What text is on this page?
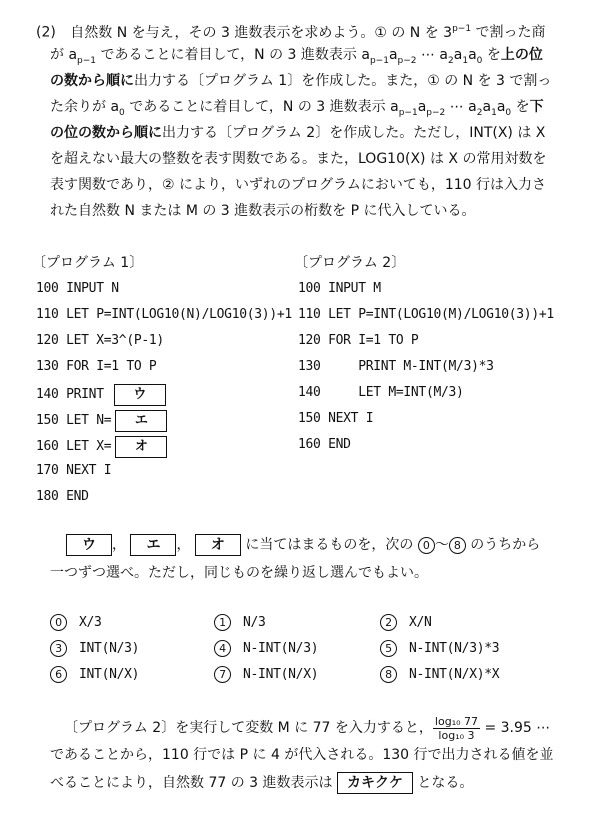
(2) 自然数 N を与え，その 3 進数表示を求めよう。① の N を $3^{p-1}$ で割った商
が $a_{p-1}$ であることに着目して，N の 3 進数表示 $a_{p-1}a_{p-2}$ ⋯ $a_2a_1a_0$ を上の位
の数から順に出力する〔プログラム 1〕を作成した。また，① の N を 3 で割っ
た余りが $a_0$ であることに着目して，N の 3 進数表示 $a_{p-1}a_{p-2}$ ⋯ $a_2a_1a_0$ を下
の位の数から順に出力する〔プログラム 2〕を作成した。ただし，INT(X) は X
を超えない最大の整数を表す関数である。また，LOG10(X) は X の常用対数を
表す関数であり，② により，いずれのプログラムにおいても，110 行は入力さ
れた自然数 N または M の 3 進数表示の桁数を P に代入している。
〔プログラム 1〕
100 INPUT N
110 LET P=INT(LOG10(N)/LOG10(3))+1
120 LET X=3^(P-1)
130 FOR I=1 TO P
140 PRINT ウ
150 LET N= エ
160 LET X= オ
170 NEXT I
180 END
〔プログラム 2〕
100 INPUT M
110 LET P=INT(LOG10(M)/LOG10(3))+1
120 FOR I=1 TO P
130     PRINT M-INT(M/3)*3
140     LET M=INT(M/3)
150 NEXT I
160 END
ウ ， エ ， オ に当てはまるものを，次の 0 ～ 8 のうちから
一つずつ選べ。ただし，同じものを繰り返し選んでもよい。
0 X/3	1 N/3	2 X/N
3 INT(N/3)	4 N-INT(N/3)	5 N-INT(N/3)*3
6 INT(N/X)	7 N-INT(N/X)	8 N-INT(N/X)*X
〔プログラム 2〕を実行して変数 M に 77 を入力すると， $\frac{\text{log₁₀ 77}}{\text{log₁₀ 3}} = 3.95$ ⋯
であることから，110 行では P に 4 が代入される。130 行で出力される値を並
べることにより，自然数 77 の 3 進数表示は カキクケ となる。
